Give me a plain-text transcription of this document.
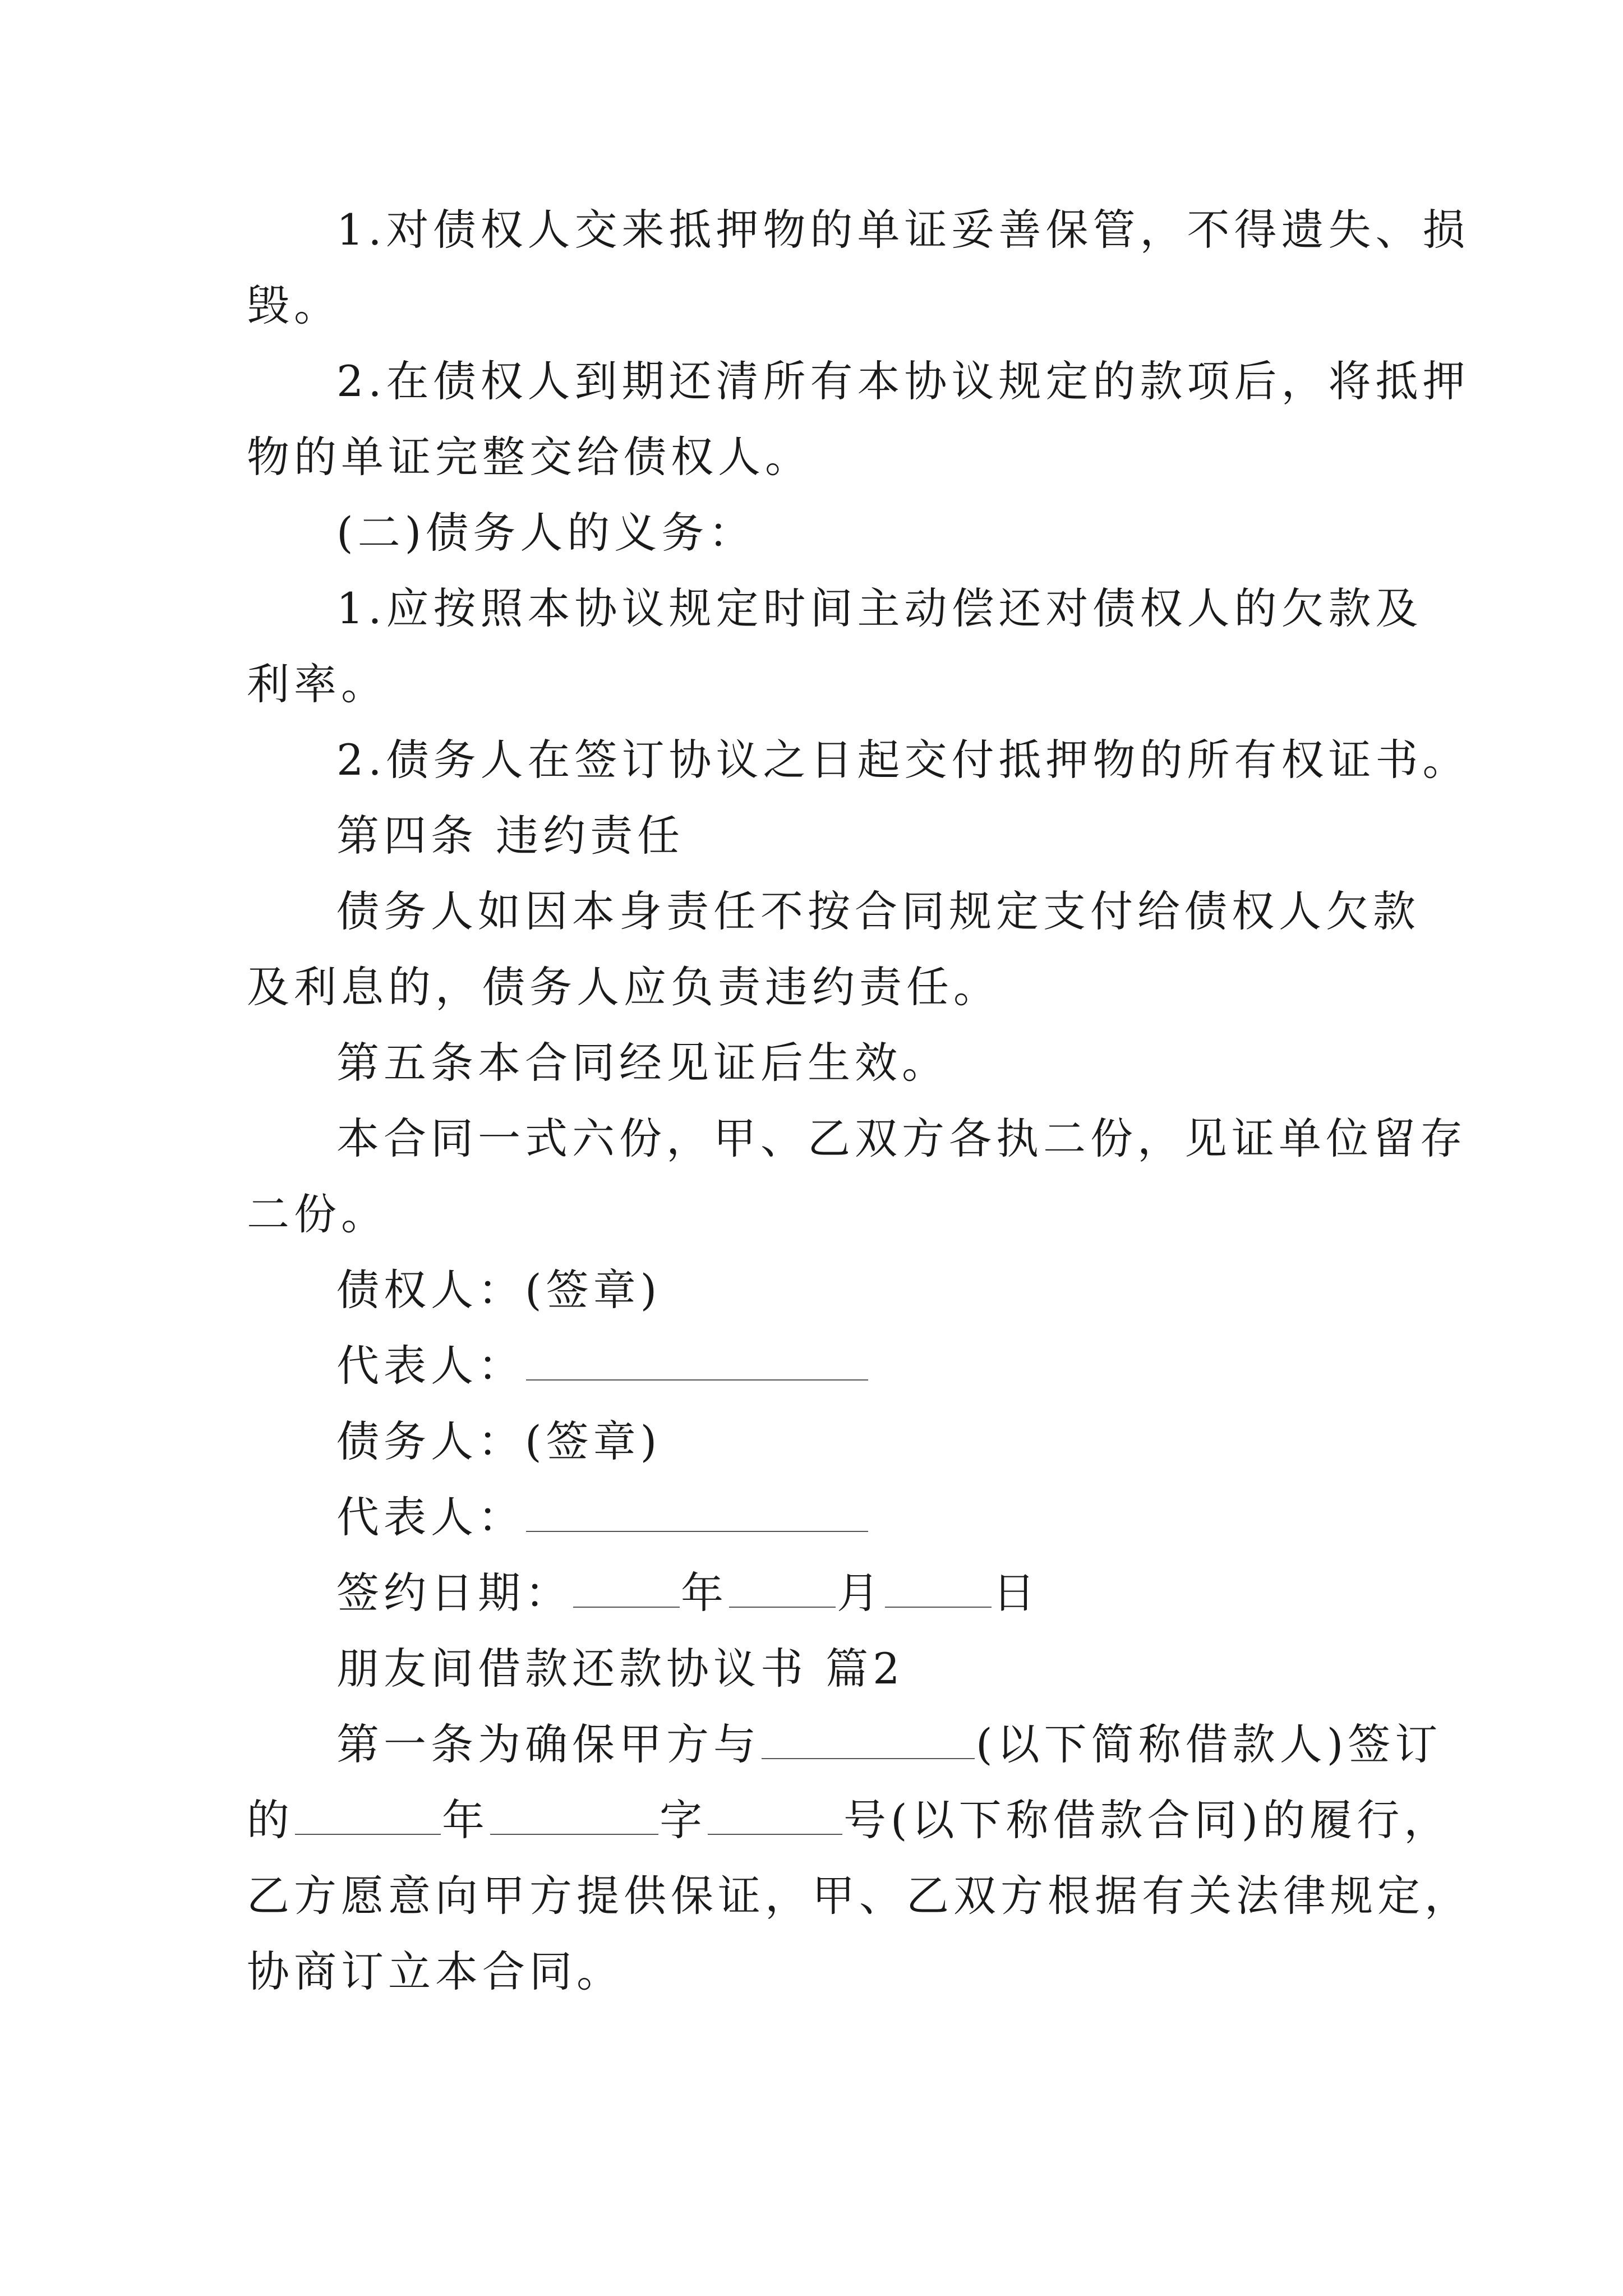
1.对债权人交来抵押物的单证妥善保管，不得遗失、损
毁。
2.在债权人到期还清所有本协议规定的款项后，将抵押
物的单证完整交给债权人。
(二)债务人的义务：
1.应按照本协议规定时间主动偿还对债权人的欠款及
利率。
2.债务人在签订协议之日起交付抵押物的所有权证书。
第四条 违约责任
债务人如因本身责任不按合同规定支付给债权人欠款
及利息的，债务人应负责违约责任。
第五条本合同经见证后生效。
本合同一式六份，甲、乙双方各执二份，见证单位留存
二份。
债权人：(签章)
代表人：
债务人：(签章)
代表人：
签约日期：	年	月	日
朋友间借款还款协议书 篇2
第一条为确保甲方与	(以下简称借款人)签订
的	年	字	号(以下称借款合同)的履行，
乙方愿意向甲方提供保证，甲、乙双方根据有关法律规定，
协商订立本合同。
